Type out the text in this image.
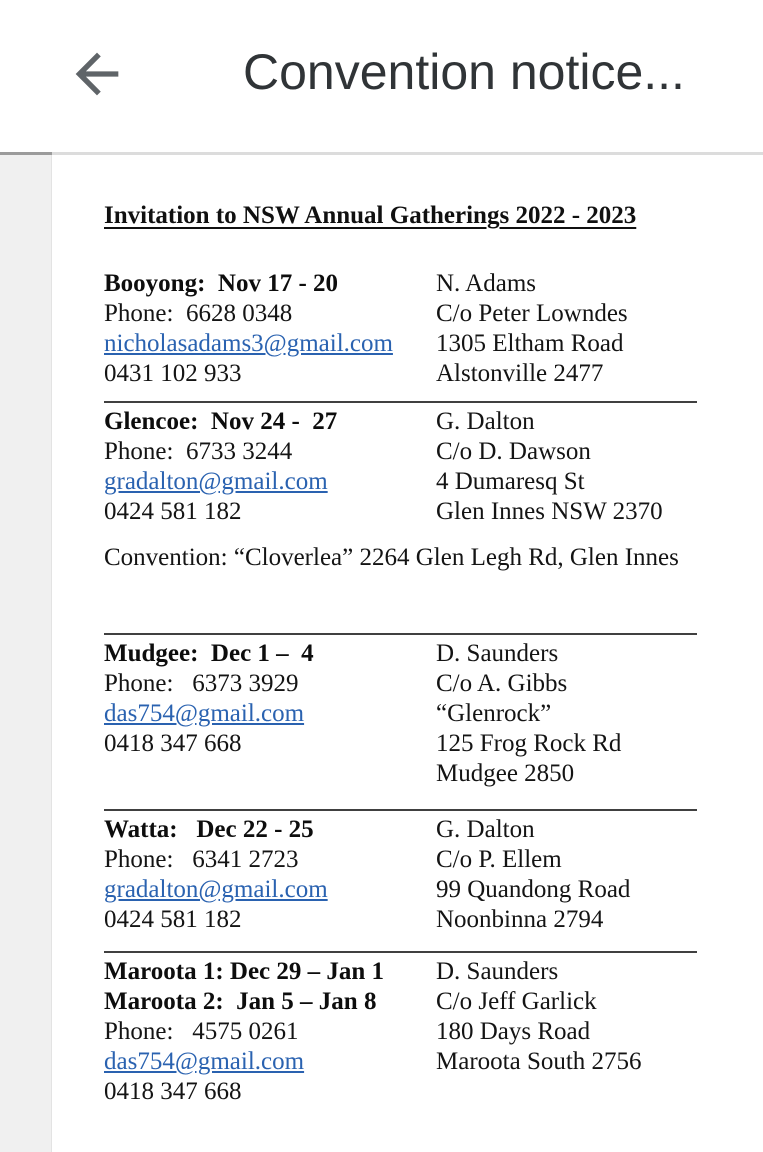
Convention notice...
Invitation to NSW Annual Gatherings 2022 - 2023
Booyong:  Nov 17 - 20
Phone:  6628 0348
nicholasadams3@gmail.com
0431 102 933
N. Adams
C/o Peter Lowndes
1305 Eltham Road
Alstonville 2477
Glencoe:  Nov 24 -  27
Phone:  6733 3244
gradalton@gmail.com
0424 581 182
G. Dalton
C/o D. Dawson
4 Dumaresq St
Glen Innes NSW 2370
Convention: “Cloverlea” 2264 Glen Legh Rd, Glen Innes
Mudgee:  Dec 1 –  4
Phone:   6373 3929
das754@gmail.com
0418 347 668
D. Saunders
C/o A. Gibbs
“Glenrock”
125 Frog Rock Rd
Mudgee 2850
Watta:   Dec 22 - 25
Phone:   6341 2723
gradalton@gmail.com
0424 581 182
G. Dalton
C/o P. Ellem
99 Quandong Road
Noonbinna 2794
Maroota 1: Dec 29 – Jan 1
Maroota 2:  Jan 5 – Jan 8
Phone:   4575 0261
das754@gmail.com
0418 347 668
D. Saunders
C/o Jeff Garlick
180 Days Road
Maroota South 2756
